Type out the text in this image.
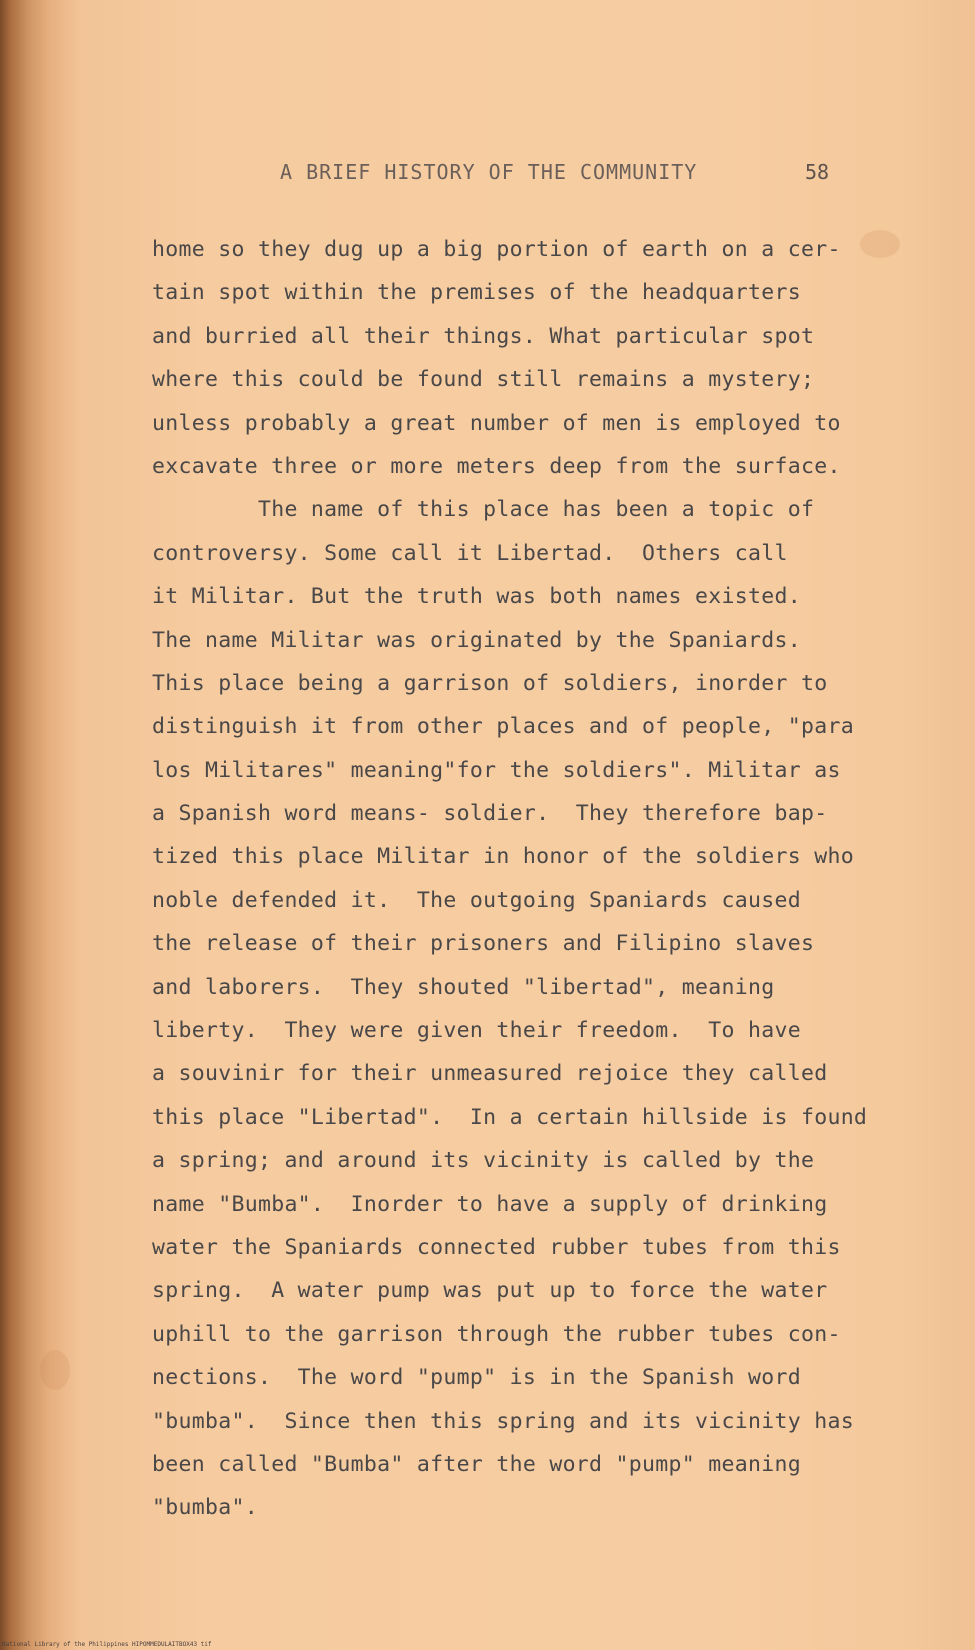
A BRIEF HISTORY OF THE COMMUNITY	58
home so they dug up a big portion of earth on a cer-
tain spot within the premises of the headquarters
and burried all their things. What particular spot
where this could be found still remains a mystery;
unless probably a great number of men is employed to
excavate three or more meters deep from the surface.
The name of this place has been a topic of
controversy. Some call it Libertad.  Others call
it Militar. But the truth was both names existed.
The name Militar was originated by the Spaniards.
This place being a garrison of soldiers, inorder to
distinguish it from other places and of people, "para
los Militares" meaning"for the soldiers". Militar as
a Spanish word means- soldier.  They therefore bap-
tized this place Militar in honor of the soldiers who
noble defended it.  The outgoing Spaniards caused
the release of their prisoners and Filipino slaves
and laborers.  They shouted "libertad", meaning
liberty.  They were given their freedom.  To have
a souvinir for their unmeasured rejoice they called
this place "Libertad".  In a certain hillside is found
a spring; and around its vicinity is called by the
name "Bumba".  Inorder to have a supply of drinking
water the Spaniards connected rubber tubes from this
spring.  A water pump was put up to force the water
uphill to the garrison through the rubber tubes con-
nections.  The word "pump" is in the Spanish word
"bumba".  Since then this spring and its vicinity has
been called "Bumba" after the word "pump" meaning
"bumba".
National Library of the Philippines HIPOMMEDULAITBOX43 tif
